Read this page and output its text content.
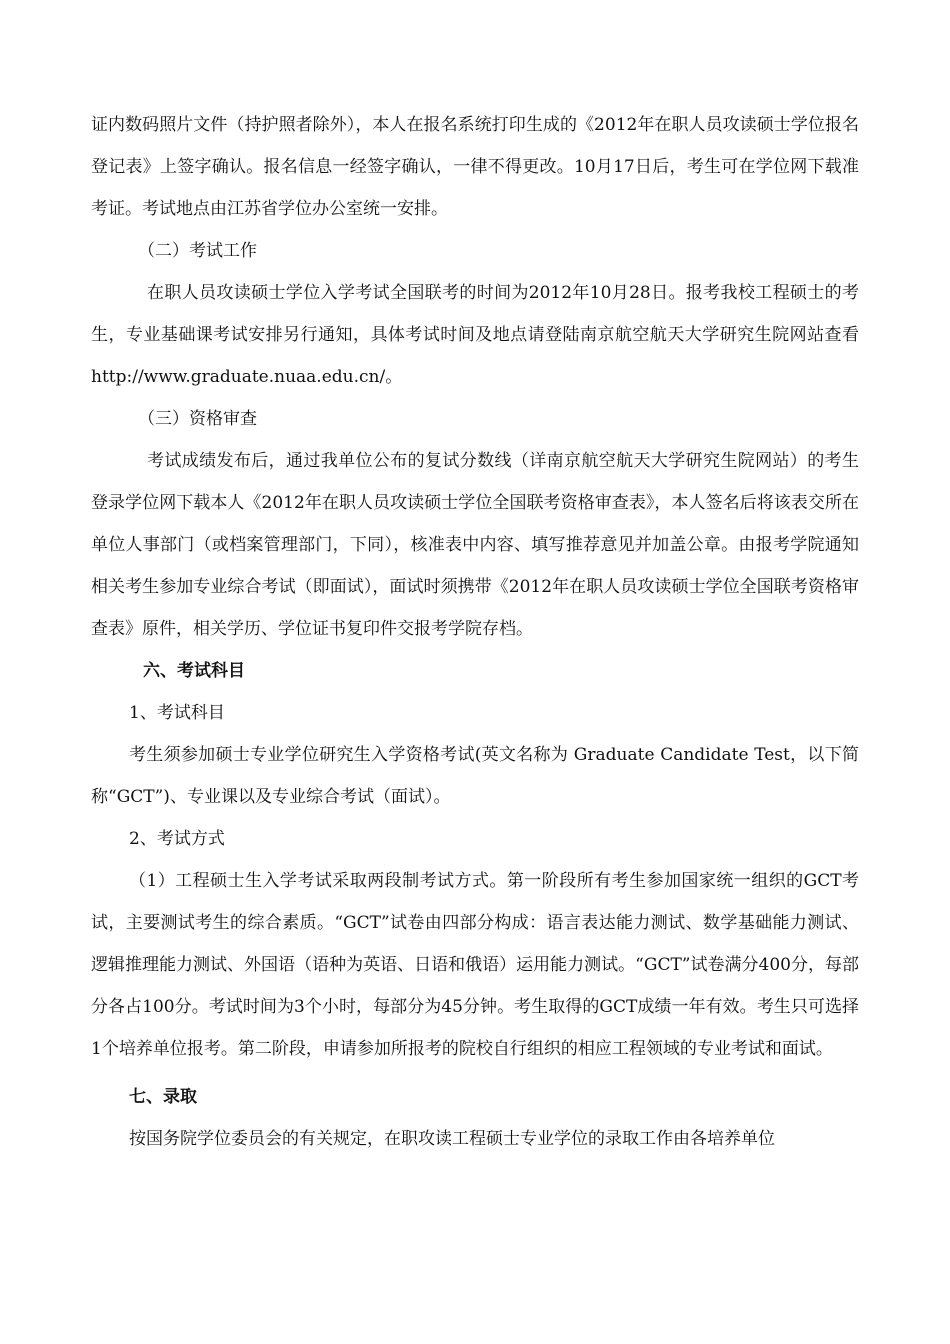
证内数码照片文件（持护照者除外），本人在报名系统打印生成的《2012年在职人员攻读硕士学位报名登记表》上签字确认。报名信息一经签字确认，一律不得更改。10月17日后，考生可在学位网下载准考证。考试地点由江苏省学位办公室统一安排。

（二）考试工作

在职人员攻读硕士学位入学考试全国联考的时间为2012年10月28日。报考我校工程硕士的考生，专业基础课考试安排另行通知，具体考试时间及地点请登陆南京航空航天大学研究生院网站查看 http://www.graduate.nuaa.edu.cn/。

（三）资格审查

考试成绩发布后，通过我单位公布的复试分数线（详南京航空航天大学研究生院网站）的考生登录学位网下载本人《2012年在职人员攻读硕士学位全国联考资格审查表》，本人签名后将该表交所在单位人事部门（或档案管理部门，下同），核准表中内容、填写推荐意见并加盖公章。由报考学院通知相关考生参加专业综合考试（即面试），面试时须携带《2012年在职人员攻读硕士学位全国联考资格审查表》原件，相关学历、学位证书复印件交报考学院存档。

六、考试科目

1、考试科目

考生须参加硕士专业学位研究生入学资格考试(英文名称为 Graduate Candidate Test，以下简称“GCT”)、专业课以及专业综合考试（面试）。

2、考试方式

（1）工程硕士生入学考试采取两段制考试方式。第一阶段所有考生参加国家统一组织的GCT考试，主要测试考生的综合素质。“GCT”试卷由四部分构成：语言表达能力测试、数学基础能力测试、逻辑推理能力测试、外国语（语种为英语、日语和俄语）运用能力测试。“GCT”试卷满分400分，每部分各占100分。考试时间为3个小时，每部分为45分钟。考生取得的GCT成绩一年有效。考生只可选择1个培养单位报考。第二阶段，申请参加所报考的院校自行组织的相应工程领域的专业考试和面试。

七、录取

按国务院学位委员会的有关规定，在职攻读工程硕士专业学位的录取工作由各培养单位
